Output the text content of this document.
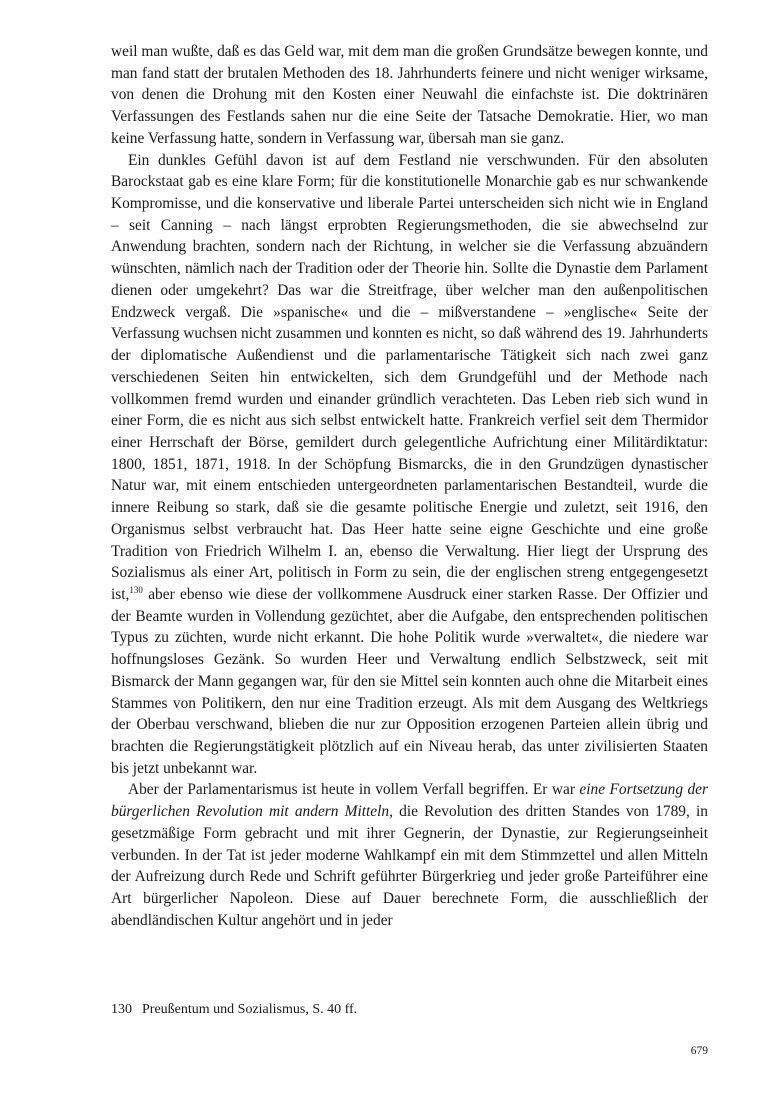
weil man wußte, daß es das Geld war, mit dem man die großen Grundsätze bewegen konnte, und man fand statt der brutalen Methoden des 18. Jahrhunderts feinere und nicht weniger wirksame, von denen die Drohung mit den Kosten einer Neuwahl die einfachste ist. Die doktrinären Verfassungen des Festlands sahen nur die eine Seite der Tatsache Demokratie. Hier, wo man keine Verfassung hatte, sondern in Verfassung war, übersah man sie ganz.

Ein dunkles Gefühl davon ist auf dem Festland nie verschwunden. Für den absoluten Barockstaat gab es eine klare Form; für die konstitutionelle Monarchie gab es nur schwankende Kompromisse, und die konservative und liberale Partei unterscheiden sich nicht wie in England – seit Canning – nach längst erprobten Regierungsmethoden, die sie abwechselnd zur Anwendung brachten, sondern nach der Richtung, in welcher sie die Verfassung abzuändern wünschten, nämlich nach der Tradition oder der Theorie hin. Sollte die Dynastie dem Parlament dienen oder umgekehrt? Das war die Streitfrage, über welcher man den außenpolitischen Endzweck vergaß. Die »spanische« und die – mißverstandene – »englische« Seite der Verfassung wuchsen nicht zusammen und konnten es nicht, so daß während des 19. Jahrhunderts der diplomatische Außendienst und die parlamentarische Tätigkeit sich nach zwei ganz verschiedenen Seiten hin entwickelten, sich dem Grundgefühl und der Methode nach vollkommen fremd wurden und einander gründlich verachteten. Das Leben rieb sich wund in einer Form, die es nicht aus sich selbst entwickelt hatte. Frankreich verfiel seit dem Thermidor einer Herrschaft der Börse, gemildert durch gelegentliche Aufrichtung einer Militärdiktatur: 1800, 1851, 1871, 1918. In der Schöpfung Bismarcks, die in den Grundzügen dynastischer Natur war, mit einem entschieden untergeordneten parlamentarischen Bestandteil, wurde die innere Reibung so stark, daß sie die gesamte politische Energie und zuletzt, seit 1916, den Organismus selbst verbraucht hat. Das Heer hatte seine eigne Geschichte und eine große Tradition von Friedrich Wilhelm I. an, ebenso die Verwaltung. Hier liegt der Ursprung des Sozialismus als einer Art, politisch in Form zu sein, die der englischen streng entgegengesetzt ist,$^{130}$ aber ebenso wie diese der vollkommene Ausdruck einer starken Rasse. Der Offizier und der Beamte wurden in Vollendung gezüchtet, aber die Aufgabe, den entsprechenden politischen Typus zu züchten, wurde nicht erkannt. Die hohe Politik wurde »verwaltet«, die niedere war hoffnungsloses Gezänk. So wurden Heer und Verwaltung endlich Selbstzweck, seit mit Bismarck der Mann gegangen war, für den sie Mittel sein konnten auch ohne die Mitarbeit eines Stammes von Politikern, den nur eine Tradition erzeugt. Als mit dem Ausgang des Weltkriegs der Oberbau verschwand, blieben die nur zur Opposition erzogenen Parteien allein übrig und brachten die Regierungstätigkeit plötzlich auf ein Niveau herab, das unter zivilisierten Staaten bis jetzt unbekannt war.

Aber der Parlamentarismus ist heute in vollem Verfall begriffen. Er war eine Fortsetzung der bürgerlichen Revolution mit andern Mitteln, die Revolution des dritten Standes von 1789, in gesetzmäßige Form gebracht und mit ihrer Gegnerin, der Dynastie, zur Regierungseinheit verbunden. In der Tat ist jeder moderne Wahlkampf ein mit dem Stimmzettel und allen Mitteln der Aufreizung durch Rede und Schrift geführter Bürgerkrieg und jeder große Parteiführer eine Art bürgerlicher Napoleon. Diese auf Dauer berechnete Form, die ausschließlich der abendländischen Kultur angehört und in jeder

130 Preußentum und Sozialismus, S. 40 ff.
679
